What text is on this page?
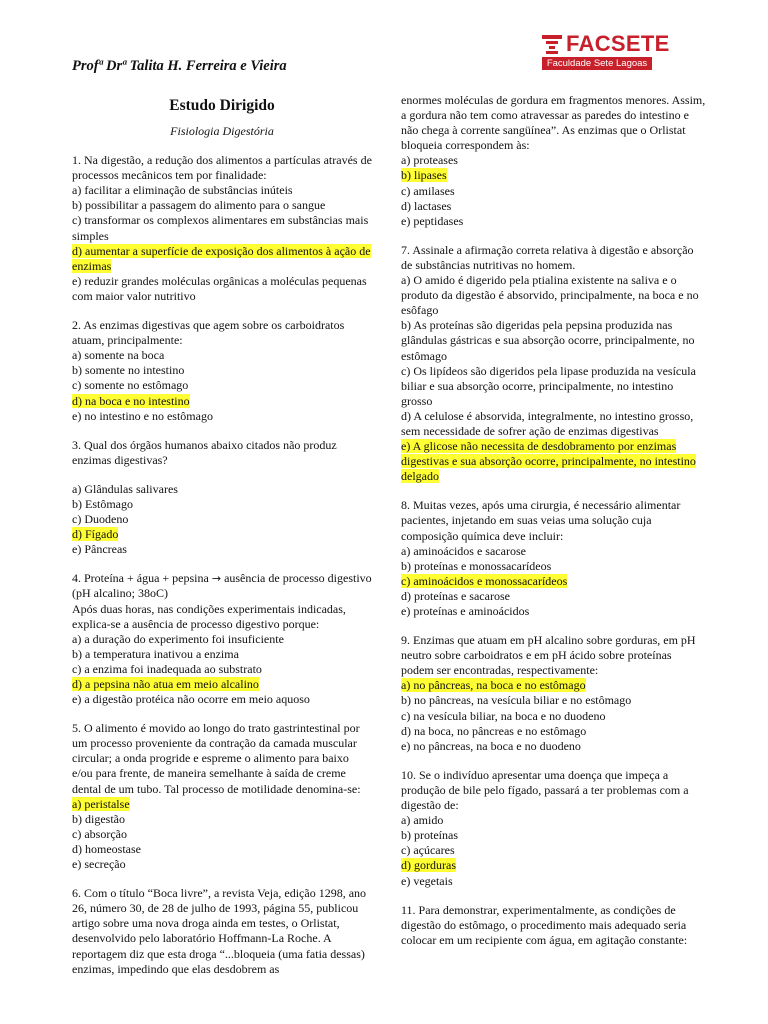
Profª Drª Talita H. Ferreira e Vieira
FACSETE
Faculdade Sete Lagoas
Estudo Dirigido
Fisiologia Digestória

1. Na digestão, a redução dos alimentos a partículas através de processos mecânicos tem por finalidade:

a) facilitar a eliminação de substâncias inúteis
b) possibilitar a passagem do alimento para o sangue
c) transformar os complexos alimentares em substâncias mais simples
d) aumentar a superfície de exposição dos alimentos à ação de enzimas
e) reduzir grandes moléculas orgânicas a moléculas pequenas com maior valor nutritivo

2. As enzimas digestivas que agem sobre os carboidratos atuam, principalmente:

a) somente na boca
b) somente no intestino
c) somente no estômago
d) na boca e no intestino
e) no intestino e no estômago

3. Qual dos órgãos humanos abaixo citados não produz enzimas digestivas?

a) Glândulas salivares
b) Estômago
c) Duodeno
d) Fígado
e) Pâncreas

4. Proteína + água + pepsina → ausência de processo digestivo (pH alcalino; 38oC)

Após duas horas, nas condições experimentais indicadas, explica-se a ausência de processo digestivo porque:

a) a duração do experimento foi insuficiente
b) a temperatura inativou a enzima
c) a enzima foi inadequada ao substrato
d) a pepsina não atua em meio alcalino
e) a digestão protéica não ocorre em meio aquoso

5. O alimento é movido ao longo do trato gastrintestinal por um processo proveniente da contração da camada muscular circular; a onda progride e espreme o alimento para baixo e/ou para frente, de maneira semelhante à saída de creme dental de um tubo. Tal processo de motilidade denomina-se:

a) peristalse
b) digestão
c) absorção
d) homeostase
e) secreção

6. Com o título “Boca livre”, a revista Veja, edição 1298, ano 26, número 30, de 28 de julho de 1993, página 55, publicou artigo sobre uma nova droga ainda em testes, o Orlistat, desenvolvido pelo laboratório Hoffmann-La Roche. A reportagem diz que esta droga “...bloqueia (uma fatia dessas) enzimas, impedindo que elas desdobrem as

enormes moléculas de gordura em fragmentos menores. Assim, a gordura não tem como atravessar as paredes do intestino e não chega à corrente sangüínea”. As enzimas que o Orlistat bloqueia correspondem às:

a) proteases
b) lipases
c) amilases
d) lactases
e) peptidases

7. Assinale a afirmação correta relativa à digestão e absorção de substâncias nutritivas no homem.

a) O amido é digerido pela ptialina existente na saliva e o produto da digestão é absorvido, principalmente, na boca e no esôfago
b) As proteínas são digeridas pela pepsina produzida nas glândulas gástricas e sua absorção ocorre, principalmente, no estômago
c) Os lipídeos são digeridos pela lipase produzida na vesícula biliar e sua absorção ocorre, principalmente, no intestino grosso
d) A celulose é absorvida, integralmente, no intestino grosso, sem necessidade de sofrer ação de enzimas digestivas
e) A glicose não necessita de desdobramento por enzimas digestivas e sua absorção ocorre, principalmente, no intestino delgado

8. Muitas vezes, após uma cirurgia, é necessário alimentar pacientes, injetando em suas veias uma solução cuja composição química deve incluir:

a) aminoácidos e sacarose
b) proteínas e monossacarídeos
c) aminoácidos e monossacarídeos
d) proteínas e sacarose
e) proteínas e aminoácidos

9. Enzimas que atuam em pH alcalino sobre gorduras, em pH neutro sobre carboidratos e em pH ácido sobre proteínas podem ser encontradas, respectivamente:

a) no pâncreas, na boca e no estômago
b) no pâncreas, na vesícula biliar e no estômago
c) na vesícula biliar, na boca e no duodeno
d) na boca, no pâncreas e no estômago
e) no pâncreas, na boca e no duodeno

10. Se o indivíduo apresentar uma doença que impeça a produção de bile pelo fígado, passará a ter problemas com a digestão de:

a) amido
b) proteínas
c) açúcares
d) gorduras
e) vegetais

11. Para demonstrar, experimentalmente, as condições de digestão do estômago, o procedimento mais adequado seria colocar em um recipiente com água, em agitação constante:
